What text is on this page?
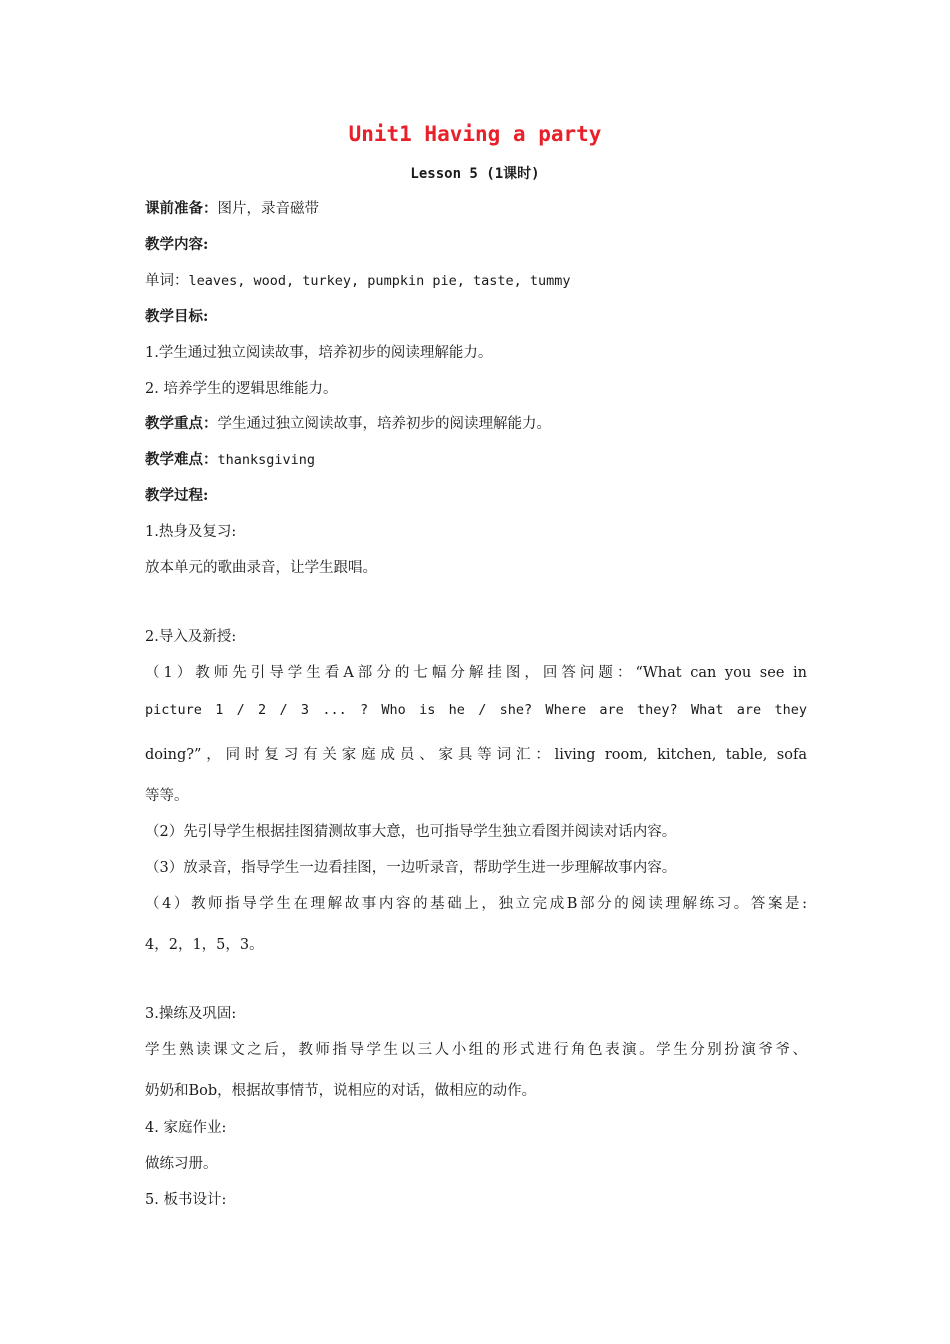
Unit1 Having a party
Lesson 5 (1课时)
课前准备：图片，录音磁带
教学内容:
单词：leaves, wood, turkey, pumpkin pie, taste, tummy
教学目标:
1.学生通过独立阅读故事，培养初步的阅读理解能力。
2. 培养学生的逻辑思维能力。
教学重点：学生通过独立阅读故事，培养初步的阅读理解能力。
教学难点：thanksgiving
教学过程:
1.热身及复习:
放本单元的歌曲录音，让学生跟唱。
2.导入及新授:
（1）教师先引导学生看A部分的七幅分解挂图，回答问题：“What can you see in
picture 1 / 2 / 3 ... ? Who is he / she? Where are they? What are they
doing?”，同时复习有关家庭成员、家具等词汇：living room, kitchen, table, sofa
等等。
（2）先引导学生根据挂图猜测故事大意，也可指导学生独立看图并阅读对话内容。
（3）放录音，指导学生一边看挂图，一边听录音，帮助学生进一步理解故事内容。
（4）教师指导学生在理解故事内容的基础上，独立完成B部分的阅读理解练习。答案是:
4，2，1，5，3。
3.操练及巩固:
学生熟读课文之后，教师指导学生以三人小组的形式进行角色表演。学生分别扮演爷爷、
奶奶和Bob，根据故事情节，说相应的对话，做相应的动作。
4. 家庭作业:
做练习册。
5. 板书设计:
